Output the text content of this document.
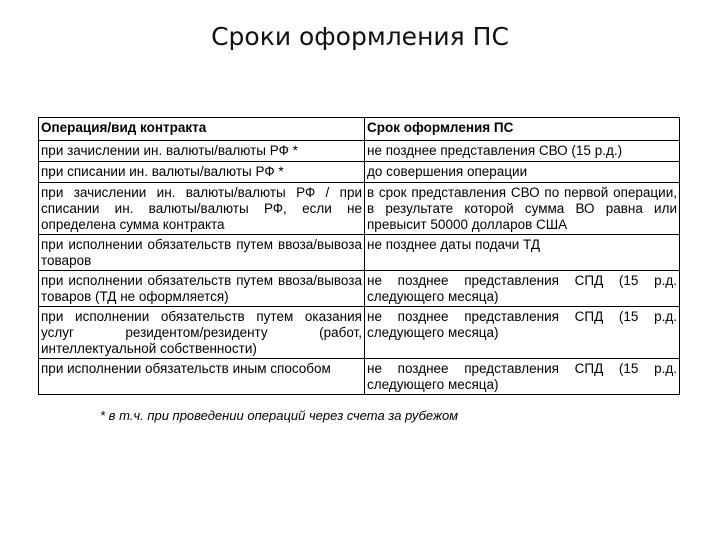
Сроки оформления ПС
Операция/вид контракта	Срок оформления ПС
при зачислении ин. валюты/валюты РФ *	не позднее представления СВО (15 р.д.)
при списании ин. валюты/валюты РФ *	до совершения операции
при зачислении ин. валюты/валюты РФ / при списании ин. валюты/валюты РФ, если не определена сумма контракта	в срок представления СВО по первой операции, в результате которой сумма ВО равна или превысит 50000 долларов США
при исполнении обязательств путем ввоза/вывоза товаров	не позднее даты подачи ТД
при исполнении обязательств путем ввоза/вывоза товаров (ТД не оформляется)	не позднее представления СПД (15 р.д. следующего месяца)
при исполнении обязательств путем оказания услуг резидентом/резиденту (работ, интеллектуальной собственности)	не позднее представления СПД (15 р.д. следующего месяца)
при исполнении обязательств иным способом	не позднее представления СПД (15 р.д. следующего месяца)
* в т.ч. при проведении операций через счета за рубежом
